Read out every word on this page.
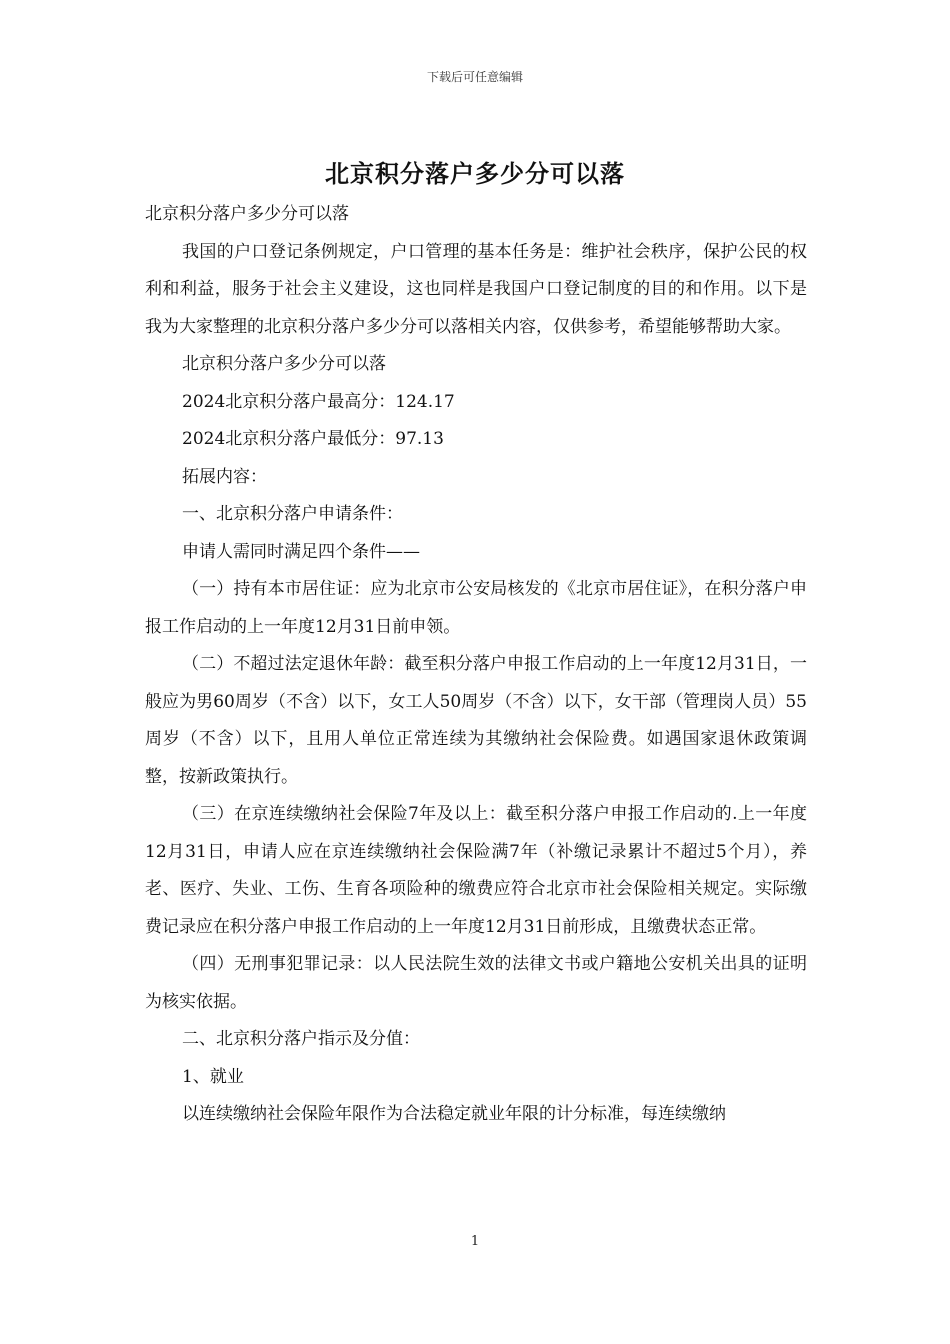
下载后可任意编辑
北京积分落户多少分可以落

北京积分落户多少分可以落

我国的户口登记条例规定，户口管理的基本任务是：维护社会秩序，保护公民的权利和利益，服务于社会主义建设，这也同样是我国户口登记制度的目的和作用。以下是我为大家整理的北京积分落户多少分可以落相关内容，仅供参考，希望能够帮助大家。

北京积分落户多少分可以落

2024北京积分落户最高分：124.17

2024北京积分落户最低分：97.13

拓展内容：

一、北京积分落户申请条件：

申请人需同时满足四个条件——

（一）持有本市居住证：应为北京市公安局核发的《北京市居住证》，在积分落户申报工作启动的上一年度12月31日前申领。

（二）不超过法定退休年龄：截至积分落户申报工作启动的上一年度12月31日，一般应为男60周岁（不含）以下，女工人50周岁（不含）以下，女干部（管理岗人员）55周岁（不含）以下，且用人单位正常连续为其缴纳社会保险费。如遇国家退休政策调整，按新政策执行。

（三）在京连续缴纳社会保险7年及以上：截至积分落户申报工作启动的.上一年度12月31日，申请人应在京连续缴纳社会保险满7年（补缴记录累计不超过5个月），养老、医疗、失业、工伤、生育各项险种的缴费应符合北京市社会保险相关规定。实际缴费记录应在积分落户申报工作启动的上一年度12月31日前形成，且缴费状态正常。

（四）无刑事犯罪记录：以人民法院生效的法律文书或户籍地公安机关出具的证明为核实依据。

二、北京积分落户指示及分值：

1、就业

以连续缴纳社会保险年限作为合法稳定就业年限的计分标准，每连续缴纳

1
